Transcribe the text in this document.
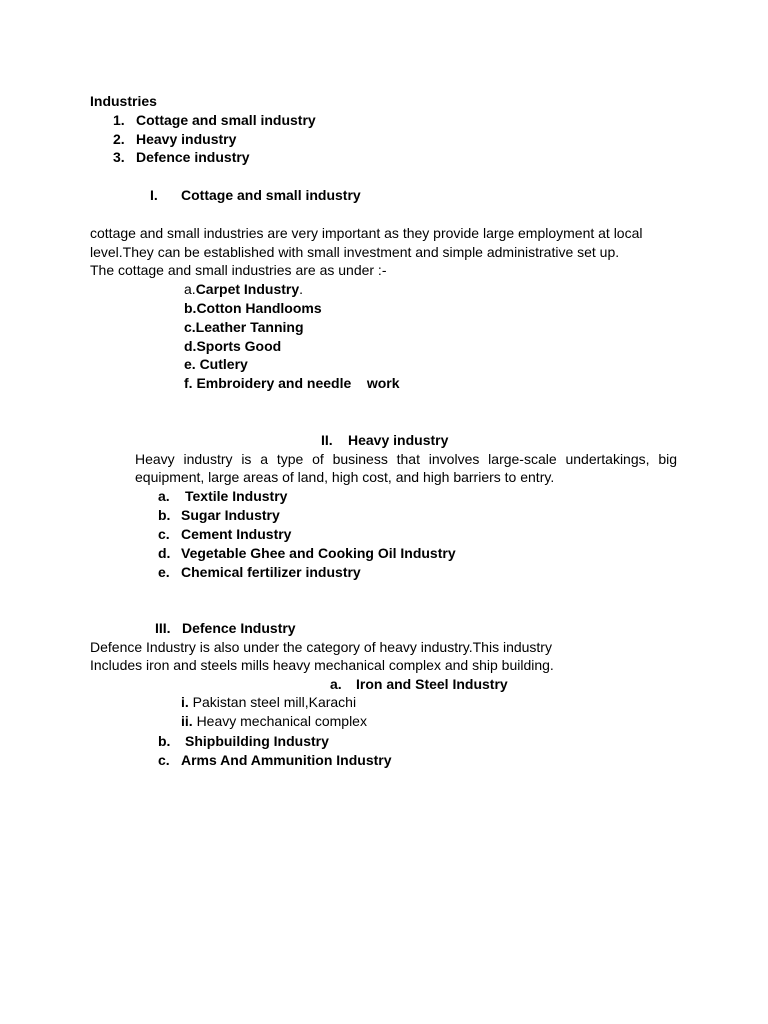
Industries
1. Cottage and small industry
2. Heavy industry
3. Defence industry
I. Cottage and small industry
cottage and small industries are very important as they provide large employment at local
level.They can be established with small investment and simple administrative set up.
The cottage and small industries are as under :-
a.Carpet Industry.
b.Cotton Handlooms
c.Leather Tanning
d.Sports Good
e. Cutlery
f. Embroidery and needle    work
II. Heavy industry
Heavy industry is a type of business that involves large-scale undertakings, big
equipment, large areas of land, high cost, and high barriers to entry.
a. Textile Industry
b. Sugar Industry
c. Cement Industry
d. Vegetable Ghee and Cooking Oil Industry
e. Chemical fertilizer industry
III. Defence Industry
Defence Industry is also under the category of heavy industry.This industry
Includes iron and steels mills heavy mechanical complex and ship building.
a. Iron and Steel Industry
i. Pakistan steel mill,Karachi
ii. Heavy mechanical complex
b. Shipbuilding Industry
c. Arms And Ammunition Industry
